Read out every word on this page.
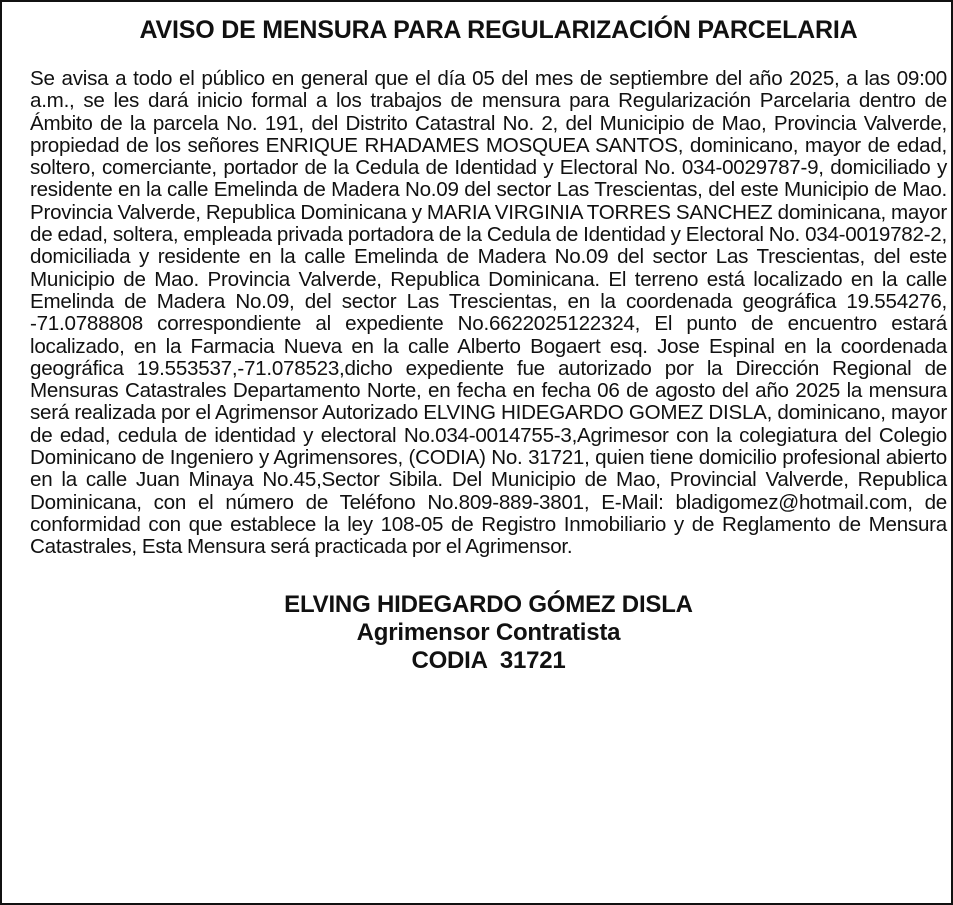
AVISO DE MENSURA PARA REGULARIZACIÓN PARCELARIA

Se avisa a todo el público en general que el día 05 del mes de septiembre del año 2025, a las 09:00 a.m., se les dará inicio formal a los trabajos de mensura para Regularización Parcelaria dentro de Ámbito de la parcela No. 191, del Distrito Catastral No. 2, del Municipio de Mao, Provincia Valverde, propiedad de los señores ENRIQUE RHADAMES MOSQUEA SANTOS, dominicano, mayor de edad, soltero, comerciante, portador de la Cedula de Identidad y Electoral No. 034-0029787-9, domiciliado y residente en la calle Emelinda de Madera No.09 del sector Las Trescientas, del este Municipio de Mao. Provincia Valverde, Republica Dominicana y MARIA VIRGINIA TORRES SANCHEZ dominicana, mayor de edad, soltera, empleada privada portadora de la Cedula de Identidad y Electoral No. 034-0019782-2, domiciliada y residente en la calle Emelinda de Madera No.09 del sector Las Trescientas, del este Municipio de Mao. Provincia Valverde, Republica Dominicana. El terreno está localizado en la calle Emelinda de Madera No.09, del sector Las Trescientas, en la coordenada geográfica 19.554276, -71.0788808 correspondiente al expediente No.6622025122324, El punto de encuentro estará localizado, en la Farmacia Nueva en la calle Alberto Bogaert esq. Jose Espinal en la coordenada geográfica 19.553537,-71.078523,dicho expediente fue autorizado por la Dirección Regional de Mensuras Catastrales Departamento Norte, en fecha en fecha 06 de agosto del año 2025 la mensura será realizada por el Agrimensor Autorizado ELVING HIDEGARDO GOMEZ DISLA, dominicano, mayor de edad, cedula de identidad y electoral No.034-0014755-3,Agrimesor con la colegiatura del Colegio Dominicano de Ingeniero y Agrimensores, (CODIA) No. 31721, quien tiene domicilio profesional abierto en la calle Juan Minaya No.45,Sector Sibila. Del Municipio de Mao, Provincial Valverde, Republica Dominicana, con el número de Teléfono No.809-889-3801, E-Mail: bladigomez@hotmail.com, de conformidad con que establece la ley 108-05 de Registro Inmobiliario y de Reglamento de Mensura Catastrales, Esta Mensura será practicada por el Agrimensor.

ELVING HIDEGARDO GÓMEZ DISLA
Agrimensor Contratista
CODIA  31721
